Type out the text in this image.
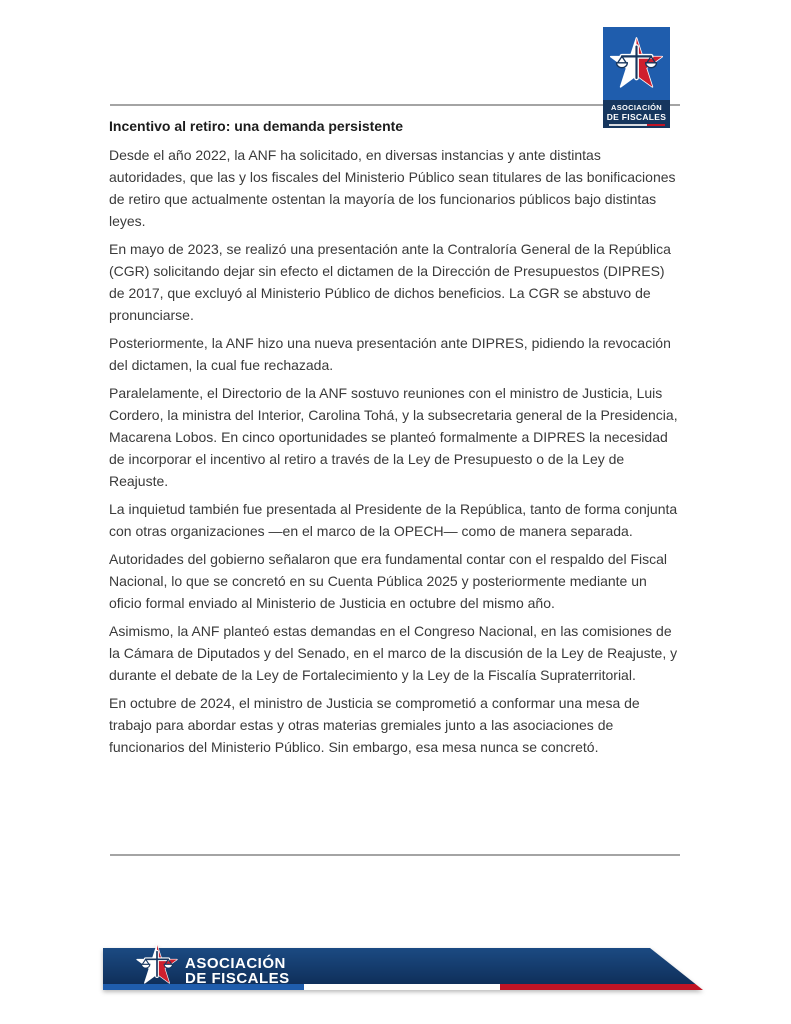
ASOCIACIÓN
DE FISCALES
Incentivo al retiro: una demanda persistente

Desde el año 2022, la ANF ha solicitado, en diversas instancias y ante distintas autoridades, que las y los fiscales del Ministerio Público sean titulares de las bonificaciones de retiro que actualmente ostentan la mayoría de los funcionarios públicos bajo distintas leyes.

En mayo de 2023, se realizó una presentación ante la Contraloría General de la República (CGR) solicitando dejar sin efecto el dictamen de la Dirección de Presupuestos (DIPRES) de 2017, que excluyó al Ministerio Público de dichos beneficios. La CGR se abstuvo de pronunciarse.

Posteriormente, la ANF hizo una nueva presentación ante DIPRES, pidiendo la revocación del dictamen, la cual fue rechazada.

Paralelamente, el Directorio de la ANF sostuvo reuniones con el ministro de Justicia, Luis Cordero, la ministra del Interior, Carolina Tohá, y la subsecretaria general de la Presidencia, Macarena Lobos. En cinco oportunidades se planteó formalmente a DIPRES la necesidad de incorporar el incentivo al retiro a través de la Ley de Presupuesto o de la Ley de Reajuste.

La inquietud también fue presentada al Presidente de la República, tanto de forma conjunta con otras organizaciones —en el marco de la OPECH— como de manera separada.

Autoridades del gobierno señalaron que era fundamental contar con el respaldo del Fiscal Nacional, lo que se concretó en su Cuenta Pública 2025 y posteriormente mediante un oficio formal enviado al Ministerio de Justicia en octubre del mismo año.

Asimismo, la ANF planteó estas demandas en el Congreso Nacional, en las comisiones de la Cámara de Diputados y del Senado, en el marco de la discusión de la Ley de Reajuste, y durante el debate de la Ley de Fortalecimiento y la Ley de la Fiscalía Supraterritorial.

En octubre de 2024, el ministro de Justicia se comprometió a conformar una mesa de trabajo para abordar estas y otras materias gremiales junto a las asociaciones de funcionarios del Ministerio Público. Sin embargo, esa mesa nunca se concretó.

ASOCIACIÓN
DE FISCALES
